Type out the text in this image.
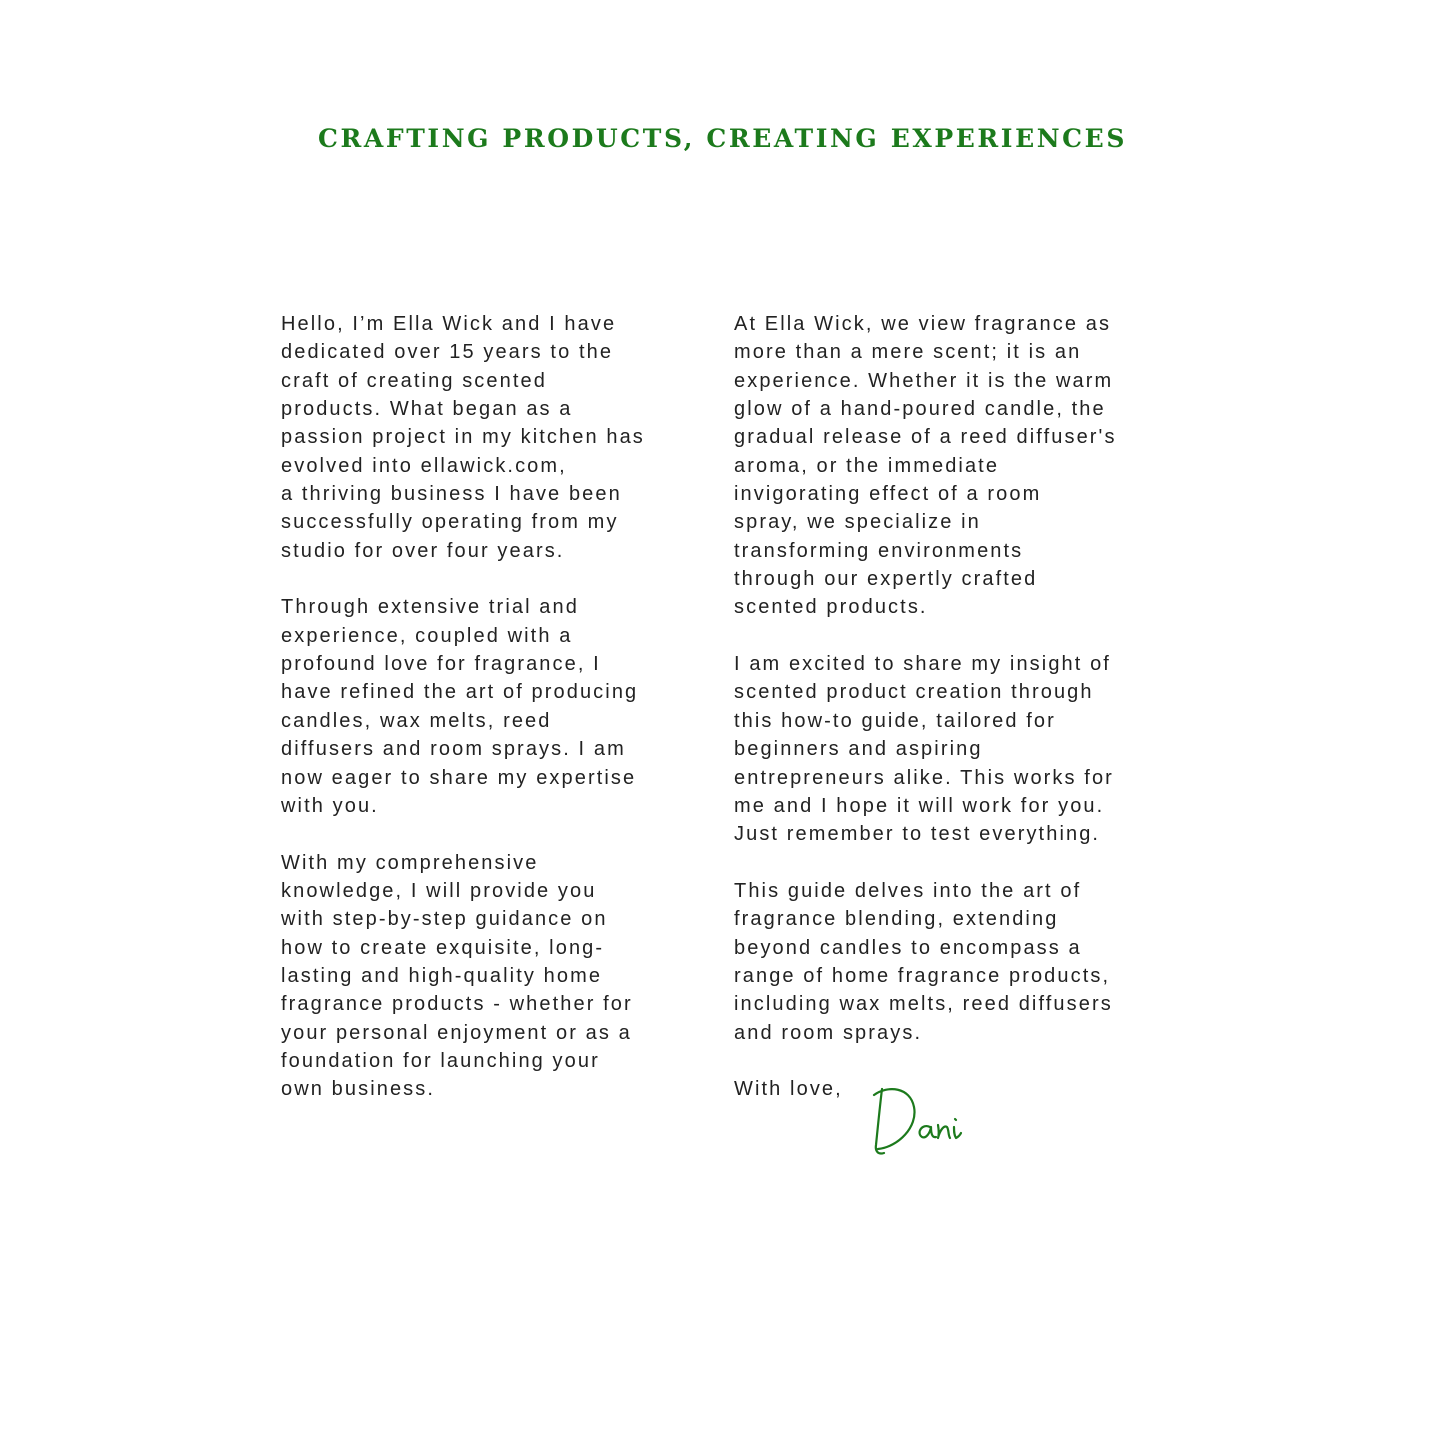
CRAFTING PRODUCTS, CREATING EXPERIENCES

Hello, I’m Ella Wick and I have
dedicated over 15 years to the
craft of creating scented
products. What began as a
passion project in my kitchen has
evolved into ellawick.com,
a thriving business I have been
successfully operating from my
studio for over four years.

Through extensive trial and
experience, coupled with a
profound love for fragrance, I
have refined the art of producing
candles, wax melts, reed
diffusers and room sprays. I am
now eager to share my expertise
with you.

With my comprehensive
knowledge, I will provide you
with step-by-step guidance on
how to create exquisite, long-
lasting and high-quality home
fragrance products - whether for
your personal enjoyment or as a
foundation for launching your
own business.

At Ella Wick, we view fragrance as
more than a mere scent; it is an
experience. Whether it is the warm
glow of a hand-poured candle, the
gradual release of a reed diffuser's
aroma, or the immediate
invigorating effect of a room
spray, we specialize in
transforming environments
through our expertly crafted
scented products.

I am excited to share my insight of
scented product creation through
this how-to guide, tailored for
beginners and aspiring
entrepreneurs alike. This works for
me and I hope it will work for you.
Just remember to test everything.

This guide delves into the art of
fragrance blending, extending
beyond candles to encompass a
range of home fragrance products,
including wax melts, reed diffusers
and room sprays.

With love,
